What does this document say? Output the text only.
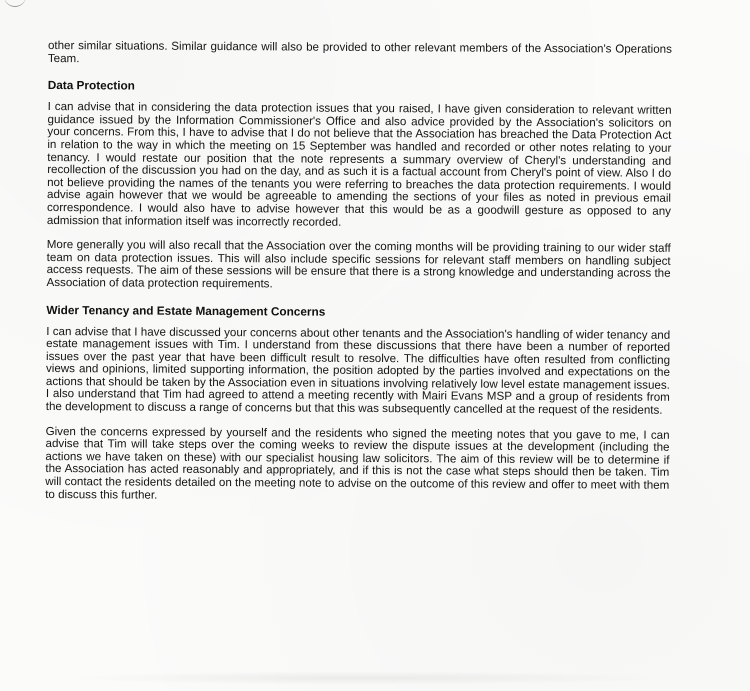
other similar situations. Similar guidance will also be provided to other relevant members of the Association's Operations Team.

Data Protection

I can advise that in considering the data protection issues that you raised, I have given consideration to relevant written guidance issued by the Information Commissioner's Office and also advice provided by the Association's solicitors on your concerns. From this, I have to advise that I do not believe that the Association has breached the Data Protection Act in relation to the way in which the meeting on 15 September was handled and recorded or other notes relating to your tenancy. I would restate our position that the note represents a summary overview of Cheryl's understanding and recollection of the discussion you had on the day, and as such it is a factual account from Cheryl's point of view. Also I do not believe providing the names of the tenants you were referring to breaches the data protection requirements. I would advise again however that we would be agreeable to amending the sections of your files as noted in previous email correspondence. I would also have to advise however that this would be as a goodwill gesture as opposed to any admission that information itself was incorrectly recorded.

More generally you will also recall that the Association over the coming months will be providing training to our wider staff team on data protection issues. This will also include specific sessions for relevant staff members on handling subject access requests. The aim of these sessions will be ensure that there is a strong knowledge and understanding across the Association of data protection requirements.

Wider Tenancy and Estate Management Concerns

I can advise that I have discussed your concerns about other tenants and the Association's handling of wider tenancy and estate management issues with Tim. I understand from these discussions that there have been a number of reported issues over the past year that have been difficult result to resolve. The difficulties have often resulted from conflicting views and opinions, limited supporting information, the position adopted by the parties involved and expectations on the actions that should be taken by the Association even in situations involving relatively low level estate management issues. I also understand that Tim had agreed to attend a meeting recently with Mairi Evans MSP and a group of residents from the development to discuss a range of concerns but that this was subsequently cancelled at the request of the residents.

Given the concerns expressed by yourself and the residents who signed the meeting notes that you gave to me, I can advise that Tim will take steps over the coming weeks to review the dispute issues at the development (including the actions we have taken on these) with our specialist housing law solicitors. The aim of this review will be to determine if the Association has acted reasonably and appropriately, and if this is not the case what steps should then be taken. Tim will contact the residents detailed on the meeting note to advise on the outcome of this review and offer to meet with them to discuss this further.
